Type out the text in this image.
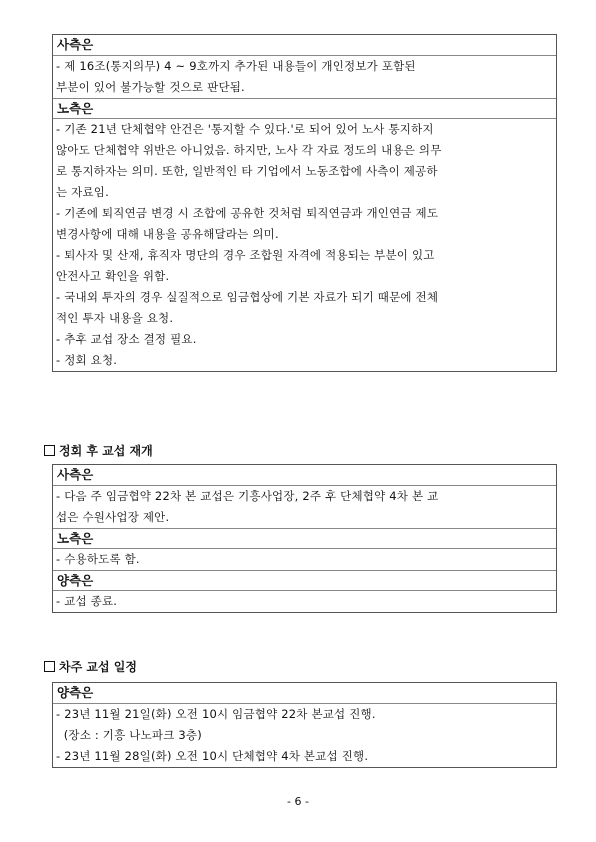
사측은
- 제 16조(통지의무) 4 ~ 9호까지 추가된 내용들이 개인정보가 포함된
부분이 있어 불가능할 것으로 판단됨.
노측은
- 기존 21년 단체협약 안건은 '통지할 수 있다.'로 되어 있어 노사 통지하지
않아도 단체협약 위반은 아니었음. 하지만, 노사 각 자료 정도의 내용은 의무
로 통지하자는 의미. 또한, 일반적인 타 기업에서 노동조합에 사측이 제공하
는 자료임.
- 기존에 퇴직연금 변경 시 조합에 공유한 것처럼 퇴직연금과 개인연금 제도
변경사항에 대해 내용을 공유해달라는 의미.
- 퇴사자 및 산재, 휴직자 명단의 경우 조합원 자격에 적용되는 부분이 있고
안전사고 확인을 위함.
- 국내외 투자의 경우 실질적으로 임금협상에 기본 자료가 되기 때문에 전체
적인 투자 내용을 요청.
- 추후 교섭 장소 결정 필요.
- 정회 요청.
정회 후 교섭 재개
사측은
- 다음 주 임금협약 22차 본 교섭은 기흥사업장, 2주 후 단체협약 4차 본 교
섭은 수원사업장 제안.
노측은
- 수용하도록 함.
양측은
- 교섭 종료.
차주 교섭 일정
양측은
- 23년 11월 21일(화) 오전 10시 임금협약 22차 본교섭 진행.
(장소 : 기흥 나노파크 3층)
- 23년 11월 28일(화) 오전 10시 단체협약 4차 본교섭 진행.
- 6 -
